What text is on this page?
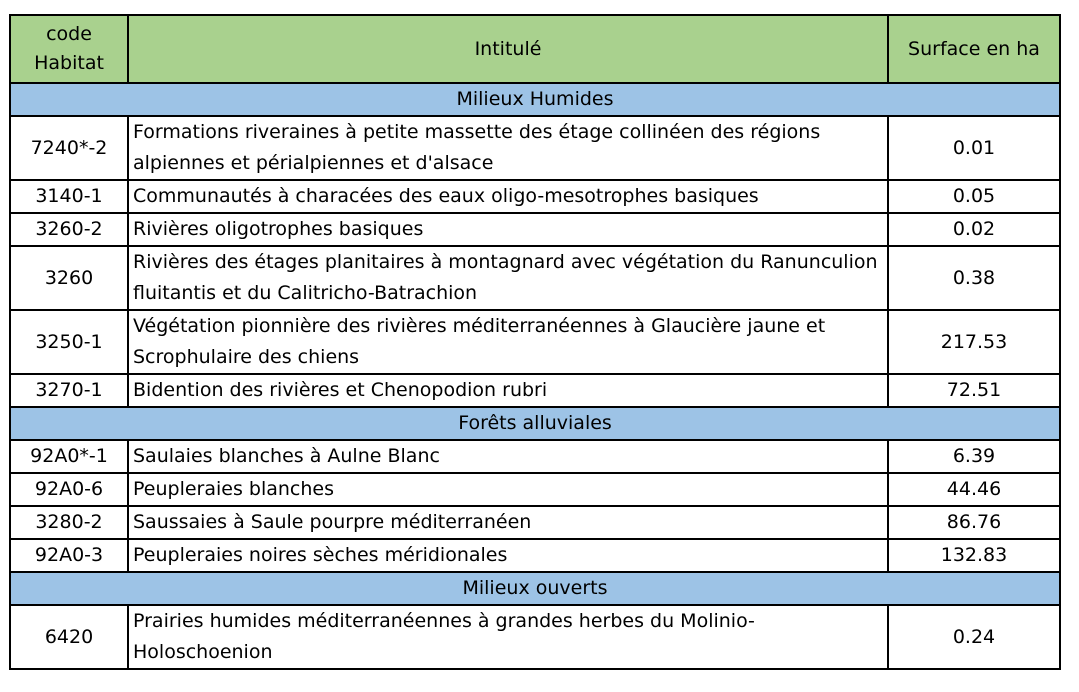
code
Habitat	Intitulé	Surface en ha
Milieux Humides		
7240*-2	Formations riveraines à petite massette des étage collinéen des régions alpiennes et périalpiennes et d'alsace	0.01
3140-1	Communautés à characées des eaux oligo-mesotrophes basiques	0.05
3260-2	Rivières oligotrophes basiques	0.02
3260	Rivières des étages planitaires à montagnard avec végétation du Ranunculion fluitantis et du Calitricho-Batrachion	0.38
3250-1	Végétation pionnière des rivières méditerranéennes à Glaucière jaune et Scrophulaire des chiens	217.53
3270-1	Bidention des rivières et Chenopodion rubri	72.51
Forêts alluviales		
92A0*-1	Saulaies blanches à Aulne Blanc	6.39
92A0-6	Peupleraies blanches	44.46
3280-2	Saussaies à Saule pourpre méditerranéen	86.76
92A0-3	Peupleraies noires sèches méridionales	132.83
Milieux ouverts		
6420	Prairies humides méditerranéennes à grandes herbes du Molinio-Holoschoenion	0.24
